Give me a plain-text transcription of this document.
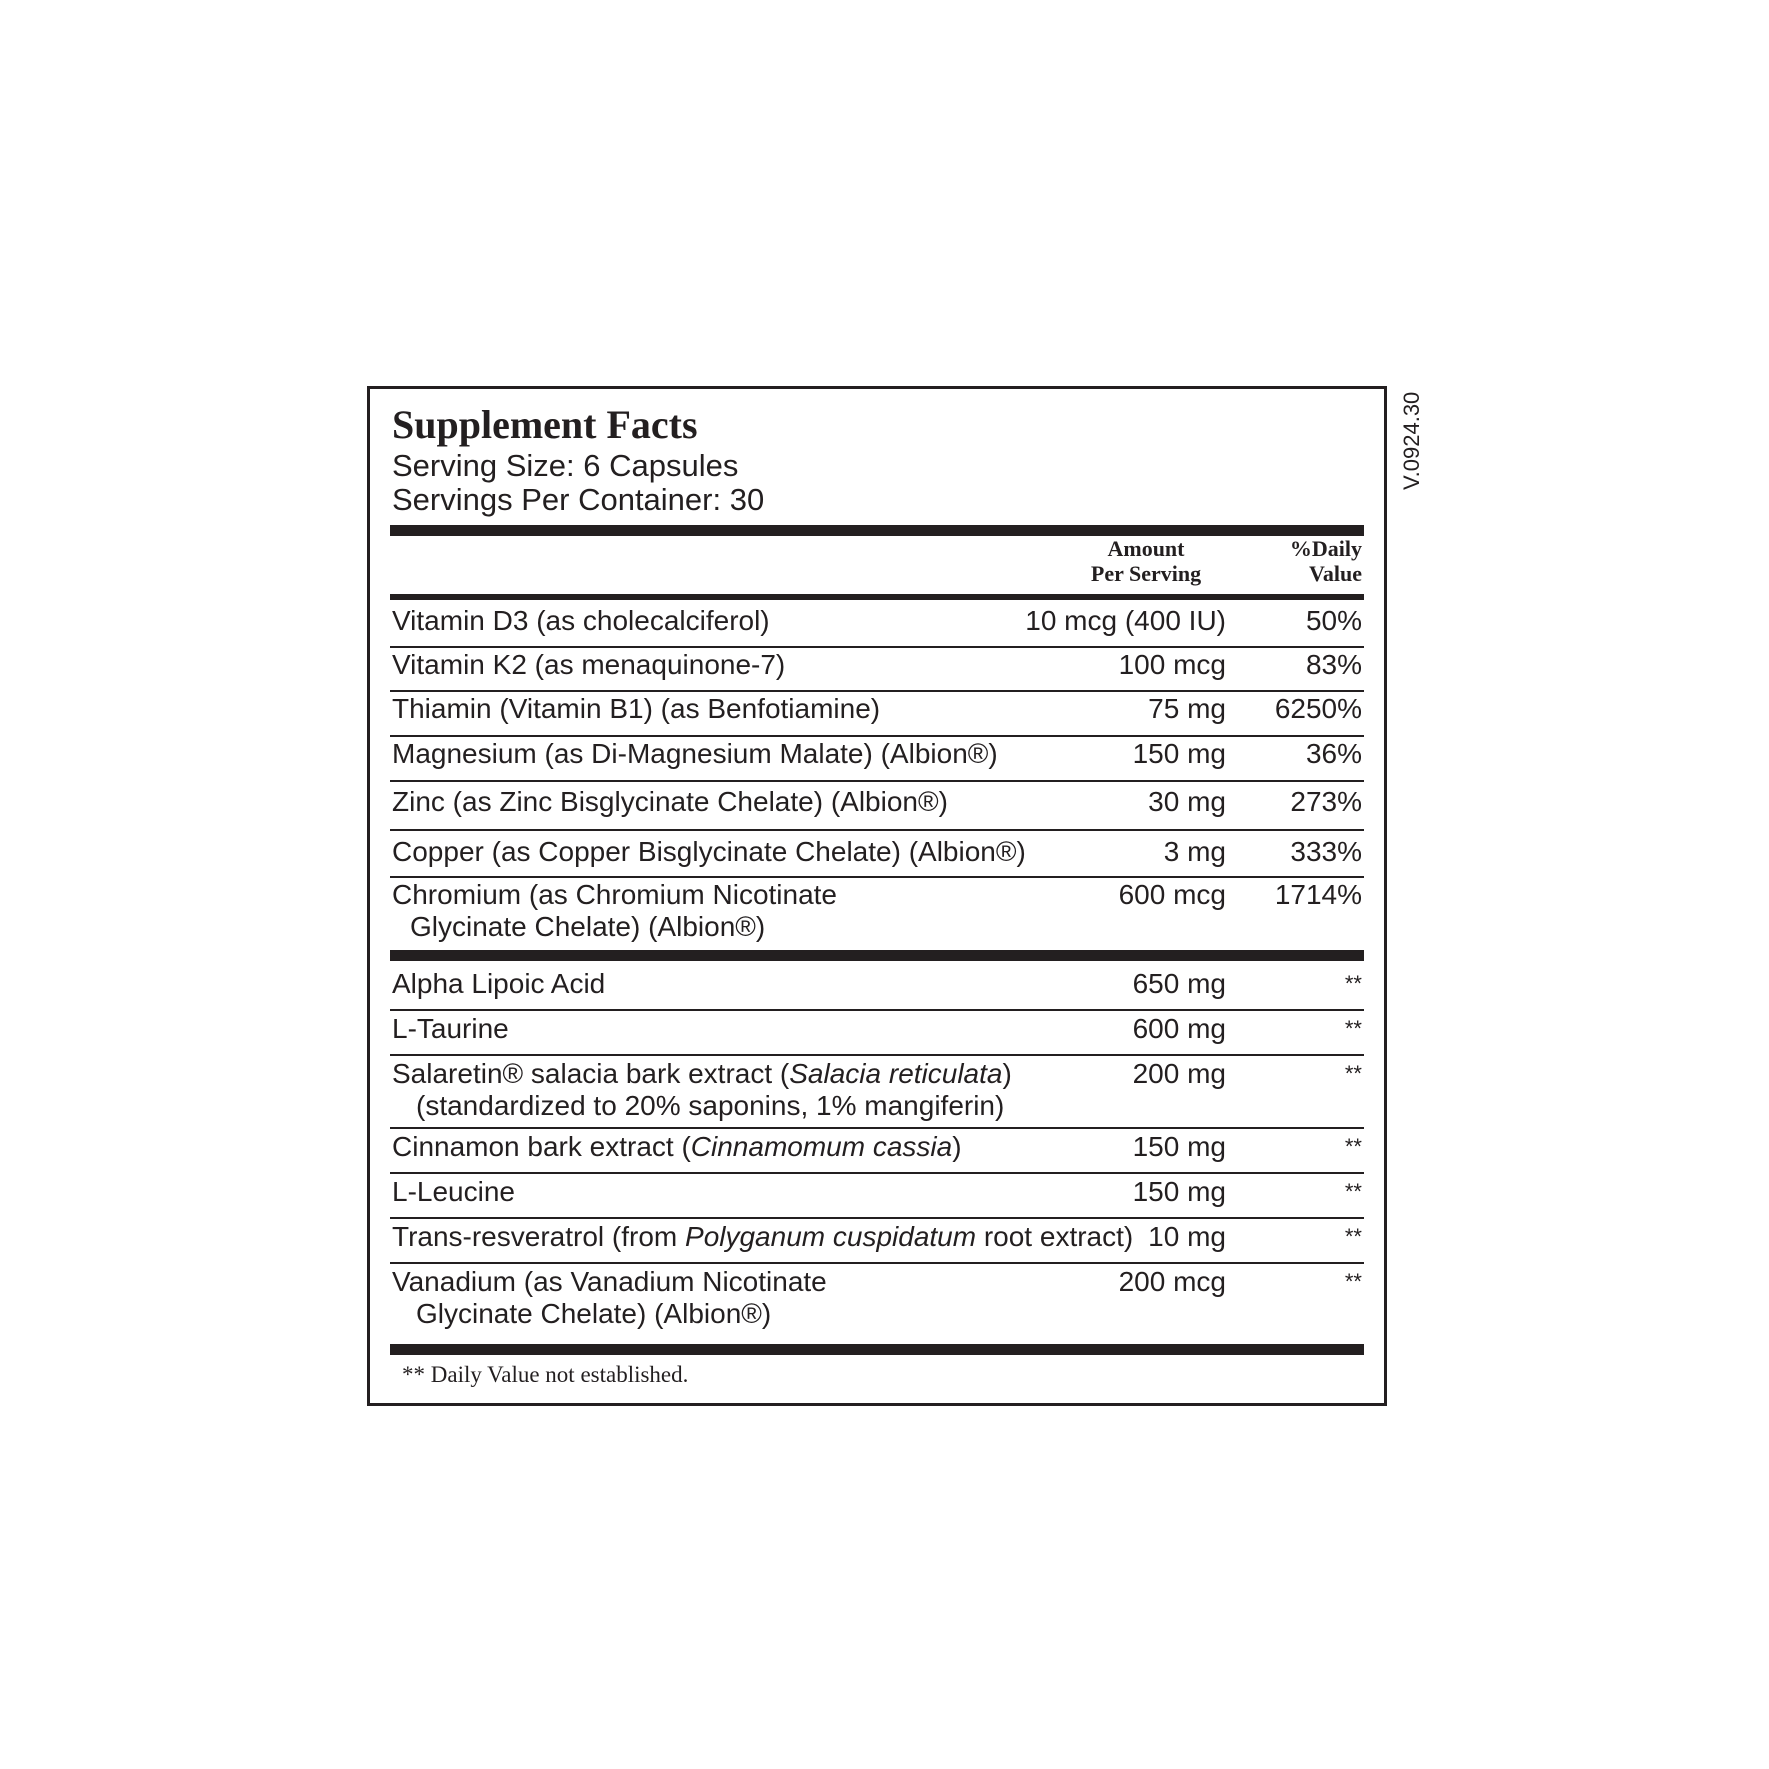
Supplement Facts
Serving Size: 6 Capsules
Servings Per Container: 30
Amount
Per Serving
%Daily
Value
Vitamin D3 (as cholecalciferol)	10 mcg (400 IU)	50%
Vitamin K2 (as menaquinone-7)	100 mcg	83%
Thiamin (Vitamin B1) (as Benfotiamine)	75 mg 6250%
Magnesium (as Di-Magnesium Malate) (Albion®)	150 mg	36%
Zinc (as Zinc Bisglycinate Chelate) (Albion®)	30 mg 273%
Copper (as Copper Bisglycinate Chelate) (Albion®)	3 mg 333%
Chromium (as Chromium Nicotinate
Glycinate Chelate) (Albion®)
600 mcg 1714%
Alpha Lipoic Acid	650 mg	**
L-Taurine	600 mg	**
Salaretin® salacia bark extract (Salacia reticulata)
(standardized to 20% saponins, 1% mangiferin)
200 mg	**
Cinnamon bark extract (Cinnamomum cassia)	150 mg	**
L-Leucine	150 mg	**
Trans-resveratrol (from Polyganum cuspidatum root extract) 10 mg	**
Vanadium (as Vanadium Nicotinate
Glycinate Chelate) (Albion®)
200 mcg	**
** Daily Value not established.
V.0924.30
